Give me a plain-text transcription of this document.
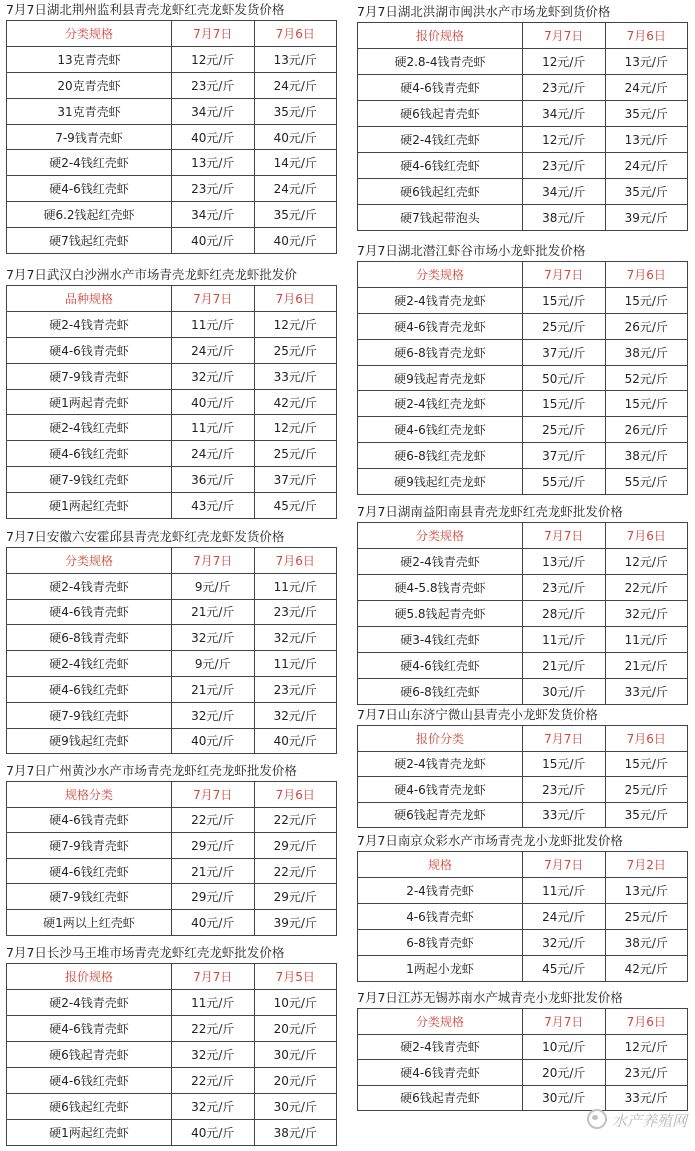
7月7日湖北荆州监利县青壳龙虾红壳龙虾发货价格
分类规格	7月7日	7月6日
13克青壳虾	12元/斤	13元/斤
20克青壳虾	23元/斤	24元/斤
31克青壳虾	34元/斤	35元/斤
7-9钱青壳虾	40元/斤	40元/斤
硬2-4钱红壳虾	13元/斤	14元/斤
硬4-6钱红壳虾	23元/斤	24元/斤
硬6.2钱起红壳虾	34元/斤	35元/斤
硬7钱起红壳虾	40元/斤	40元/斤
7月7日武汉白沙洲水产市场青壳龙虾红壳龙虾批发价
品种规格	7月7日	7月6日
硬2-4钱青壳虾	11元/斤	12元/斤
硬4-6钱青壳虾	24元/斤	25元/斤
硬7-9钱青壳虾	32元/斤	33元/斤
硬1两起青壳虾	40元/斤	42元/斤
硬2-4钱红壳虾	11元/斤	12元/斤
硬4-6钱红壳虾	24元/斤	25元/斤
硬7-9钱红壳虾	36元/斤	37元/斤
硬1两起红壳虾	43元/斤	45元/斤
7月7日安徽六安霍邱县青壳龙虾红壳龙虾发货价格
分类规格	7月7日	7月6日
硬2-4钱青壳虾	9元/斤	11元/斤
硬4-6钱青壳虾	21元/斤	23元/斤
硬6-8钱青壳虾	32元/斤	32元/斤
硬2-4钱红壳虾	9元/斤	11元/斤
硬4-6钱红壳虾	21元/斤	23元/斤
硬7-9钱红壳虾	32元/斤	32元/斤
硬9钱起红壳虾	40元/斤	40元/斤
7月7日广州黄沙水产市场青壳龙虾红壳龙虾批发价格
规格分类	7月7日	7月6日
硬4-6钱青壳虾	22元/斤	22元/斤
硬7-9钱青壳虾	29元/斤	29元/斤
硬4-6钱红壳虾	21元/斤	22元/斤
硬7-9钱红壳虾	29元/斤	29元/斤
硬1两以上红壳虾	40元/斤	39元/斤
7月7日长沙马王堆市场青壳龙虾红壳龙虾批发价格
报价规格	7月7日	7月5日
硬2-4钱青壳虾	11元/斤	10元/斤
硬4-6钱青壳虾	22元/斤	20元/斤
硬6钱起青壳虾	32元/斤	30元/斤
硬4-6钱红壳虾	22元/斤	20元/斤
硬6钱起红壳虾	32元/斤	30元/斤
硬1两起红壳虾	40元/斤	38元/斤
7月7日湖北洪湖市闽洪水产市场龙虾到货价格
报价规格	7月7日	7月6日
硬2.8-4钱青壳虾	12元/斤	13元/斤
硬4-6钱青壳虾	23元/斤	24元/斤
硬6钱起青壳虾	34元/斤	35元/斤
硬2-4钱红壳虾	12元/斤	13元/斤
硬4-6钱红壳虾	23元/斤	24元/斤
硬6钱起红壳虾	34元/斤	35元/斤
硬7钱起带泡头	38元/斤	39元/斤
7月7日湖北潜江虾谷市场小龙虾批发价格
分类规格	7月7日	7月6日
硬2-4钱青壳龙虾	15元/斤	15元/斤
硬4-6钱青壳龙虾	25元/斤	26元/斤
硬6-8钱青壳龙虾	37元/斤	38元/斤
硬9钱起青壳龙虾	50元/斤	52元/斤
硬2-4钱红壳龙虾	15元/斤	15元/斤
硬4-6钱红壳龙虾	25元/斤	26元/斤
硬6-8钱红壳龙虾	37元/斤	38元/斤
硬9钱起红壳龙虾	55元/斤	55元/斤
7月7日湖南益阳南县青壳龙虾红壳龙虾批发价格
分类规格	7月7日	7月6日
硬2-4钱青壳虾	13元/斤	12元/斤
硬4-5.8钱青壳虾	23元/斤	22元/斤
硬5.8钱起青壳虾	28元/斤	32元/斤
硬3-4钱红壳虾	11元/斤	11元/斤
硬4-6钱红壳虾	21元/斤	21元/斤
硬6-8钱红壳虾	30元/斤	33元/斤
7月7日山东济宁微山县青壳小龙虾发货价格
报价分类	7月7日	7月6日
硬2-4钱青壳龙虾	15元/斤	15元/斤
硬4-6钱青壳龙虾	23元/斤	25元/斤
硬6钱起青壳龙虾	33元/斤	35元/斤
7月7日南京众彩水产市场青壳龙小龙虾批发价格
规格	7月7日	7月2日
2-4钱青壳虾	11元/斤	13元/斤
4-6钱青壳虾	24元/斤	25元/斤
6-8钱青壳虾	32元/斤	38元/斤
1两起小龙虾	45元/斤	42元/斤
7月7日江苏无锡苏南水产城青壳小龙虾批发价格
分类规格	7月7日	7月6日
硬2-4钱青壳虾	10元/斤	12元/斤
硬4-6钱青壳虾	20元/斤	23元/斤
硬6钱起青壳虾	30元/斤	33元/斤
水产养殖网
